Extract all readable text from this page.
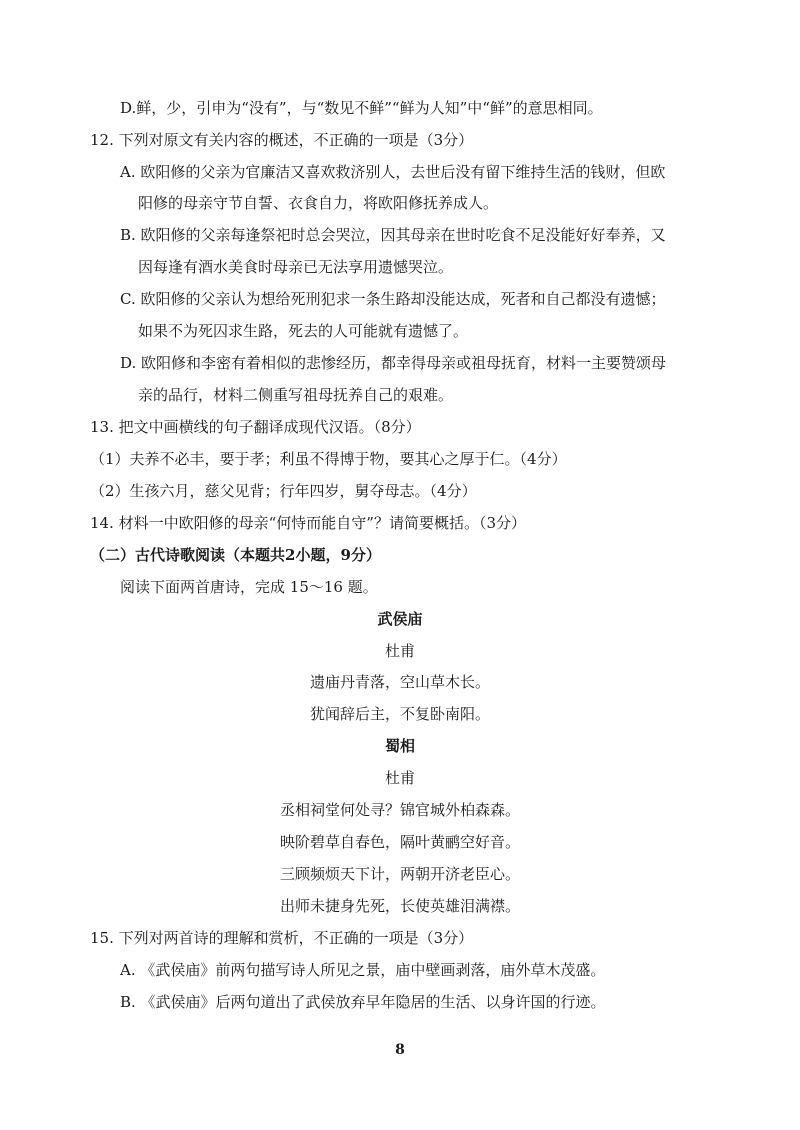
D.鲜，少，引申为“没有”，与“数见不鲜”“鲜为人知”中“鲜”的意思相同。
12. 下列对原文有关内容的概述，不正确的一项是（3分）
A. 欧阳修的父亲为官廉洁又喜欢救济别人，去世后没有留下维持生活的钱财，但欧
阳修的母亲守节自誓、衣食自力，将欧阳修抚养成人。
B. 欧阳修的父亲每逢祭祀时总会哭泣，因其母亲在世时吃食不足没能好好奉养，又
因每逢有酒水美食时母亲已无法享用遗憾哭泣。
C. 欧阳修的父亲认为想给死刑犯求一条生路却没能达成，死者和自己都没有遗憾；
如果不为死囚求生路，死去的人可能就有遗憾了。
D. 欧阳修和李密有着相似的悲惨经历，都幸得母亲或祖母抚育，材料一主要赞颂母
亲的品行，材料二侧重写祖母抚养自己的艰难。
13. 把文中画横线的句子翻译成现代汉语。（8分）
（1）夫养不必丰，要于孝；利虽不得博于物，要其心之厚于仁。（4分）
（2）生孩六月，慈父见背；行年四岁，舅夺母志。（4分）
14. 材料一中欧阳修的母亲“何恃而能自守”？请简要概括。（3分）
（二）古代诗歌阅读（本题共2小题，9分）
阅读下面两首唐诗，完成 15～16 题。
武侯庙
杜甫
遗庙丹青落，空山草木长。
犹闻辞后主，不复卧南阳。
蜀相
杜甫
丞相祠堂何处寻？锦官城外柏森森。
映阶碧草自春色，隔叶黄鹂空好音。
三顾频烦天下计，两朝开济老臣心。
出师未捷身先死，长使英雄泪满襟。
15. 下列对两首诗的理解和赏析，不正确的一项是（3分）
A. 《武侯庙》前两句描写诗人所见之景，庙中壁画剥落，庙外草木茂盛。
B. 《武侯庙》后两句道出了武侯放弃早年隐居的生活、以身许国的行迹。
8
